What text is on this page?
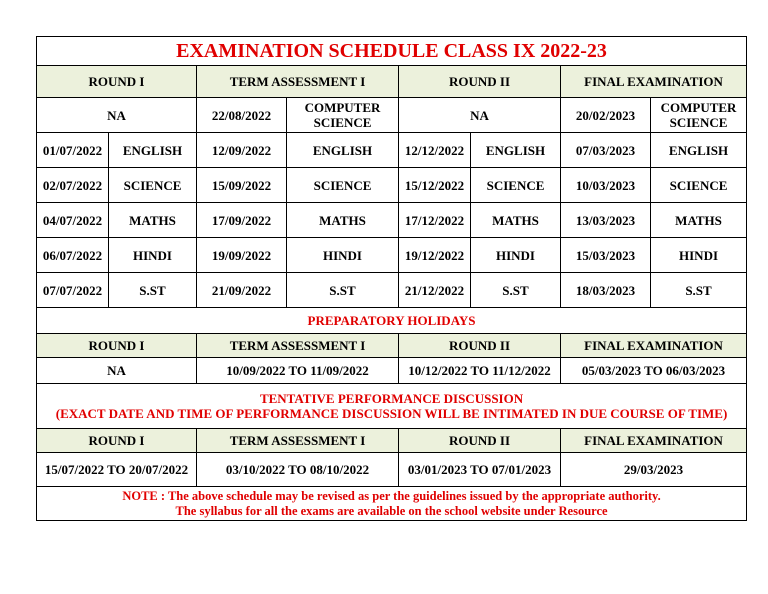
EXAMINATION SCHEDULE CLASS IX 2022-23							
ROUND I		TERM ASSESSMENT I		ROUND II		FINAL EXAMINATION	
NA		22/08/2022	COMPUTER SCIENCE	NA		20/02/2023	COMPUTER SCIENCE
01/07/2022	ENGLISH	12/09/2022	ENGLISH	12/12/2022	ENGLISH	07/03/2023	ENGLISH
02/07/2022	SCIENCE	15/09/2022	SCIENCE	15/12/2022	SCIENCE	10/03/2023	SCIENCE
04/07/2022	MATHS	17/09/2022	MATHS	17/12/2022	MATHS	13/03/2023	MATHS
06/07/2022	HINDI	19/09/2022	HINDI	19/12/2022	HINDI	15/03/2023	HINDI
07/07/2022	S.ST	21/09/2022	S.ST	21/12/2022	S.ST	18/03/2023	S.ST
PREPARATORY HOLIDAYS							
ROUND I		TERM ASSESSMENT I		ROUND II		FINAL EXAMINATION	
NA		10/09/2022 TO 11/09/2022		10/12/2022 TO 11/12/2022		05/03/2023 TO 06/03/2023	

TENTATIVE PERFORMANCE DISCUSSION
(EXACT DATE AND TIME OF PERFORMANCE DISCUSSION WILL BE INTIMATED IN DUE COURSE OF TIME)							

ROUND I		TERM ASSESSMENT I		ROUND II		FINAL EXAMINATION	
15/07/2022 TO 20/07/2022		03/10/2022 TO 08/10/2022		03/01/2023 TO 07/01/2023		29/03/2023	

NOTE : The above schedule may be revised as per the guidelines issued by the appropriate authority.
The syllabus for all the exams are available on the school website under Resource							
